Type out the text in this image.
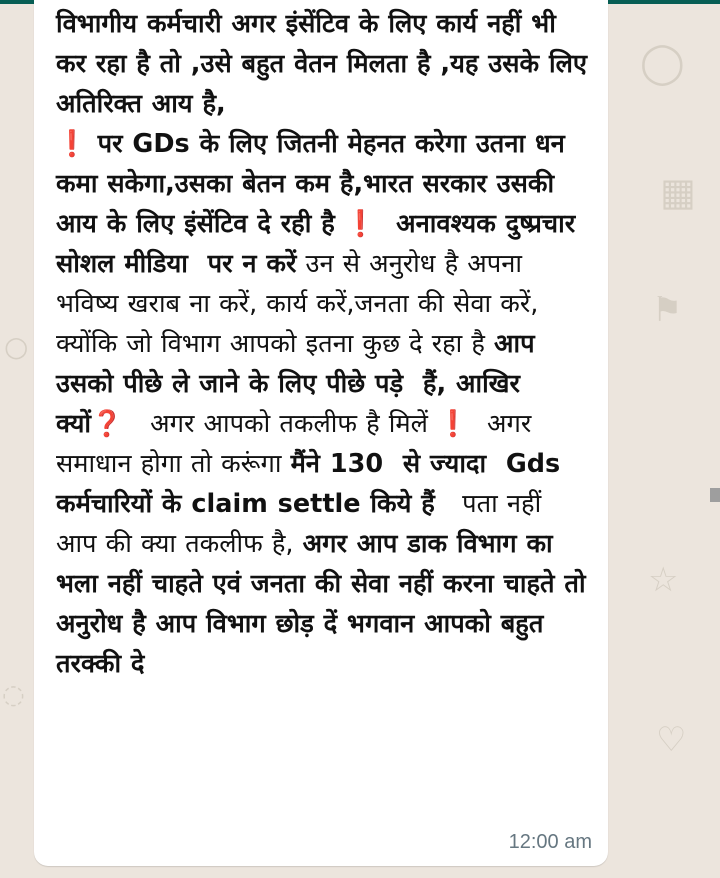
◯
▦
⚑
☆
♡
○
◌

विभागीय कर्मचारी अगर इंसेंटिव के लिए कार्य नहीं भी कर रहा है तो ,उसे बहुत वेतन मिलता है ,यह उसके लिए अतिरिक्त आय है,
❗ पर GDs के लिए जितनी मेहनत करेगा उतना धन कमा सकेगा,उसका बेतन कम है,भारत सरकार उसकी आय के लिए इंसेंटिव दे रही है ❗  अनावश्यक दुष्प्रचार सोशल मीडिया  पर न करें उन से अनुरोध है अपना भविष्य खराब ना करें, कार्य करें,जनता की सेवा करें, क्योंकि जो विभाग आपको इतना कुछ दे रहा है आप उसको पीछे ले जाने के लिए पीछे पड़े  हैं, आखिर क्यों❓   अगर आपको तकलीफ है मिलें ❗  अगर समाधान होगा तो करूंगा मैंने 130  से ज्यादा  Gds कर्मचारियों के claim settle किये हैं   पता नहीं आप की क्या तकलीफ है, अगर आप डाक विभाग का भला नहीं चाहते एवं जनता की सेवा नहीं करना चाहते तो अनुरोध है आप विभाग छोड़ दें भगवान आपको बहुत तरक्की दे

12:00 am
